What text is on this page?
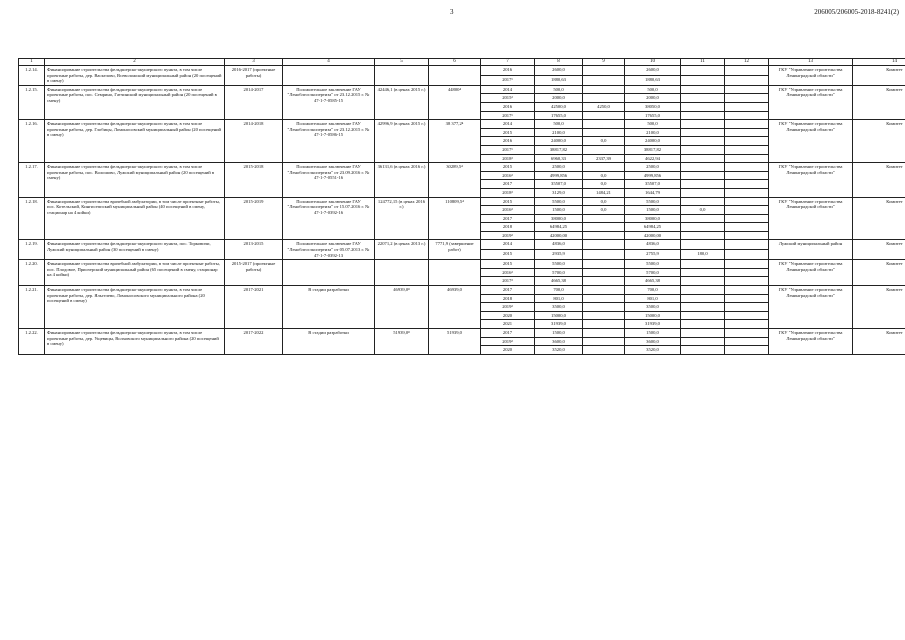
3	206005/206005-2018-8241(2)
1	2	3	4	5	6	7	8	9	10	11	12	13	14
1.2.14.	Финансирование строительства фельдшерско-акушерского пункта, в том числе проектные работы, дер. Васкелово, Всеволожский муниципальный район (20 посещений в смену)	2016-2017 (проектные работы)				2016	2600,0		2600,0			ГКУ "Управление строительства Ленинградской области"	Комитет
						2017¹	1880,63		1880,63				
1.2.15.	Финансирование строительства фельдшерско-акушерского пункта, в том числе проектные работы, пос. Семрино, Гатчинский муниципальный район (20 посещений в смену)	2014-2017	Положительное заключение ГАУ "Леноблгосэкспертиза" от 23.12.2015 г. № 47-1-7-0585-15	42446,1 (в ценах 2015 г.)	44800⁴	2014	500,0		500,0			ГКУ "Управление строительства Ленинградской области"	Комитет
						2015²	2000,0		2000,0				
						2016	42500,0	4250,0	38050,0				
						2017¹	17655,0		17655,0				
1.2.16.	Финансирование строительства фельдшерско-акушерского пункта, в том числе проектные работы, дер. Глобицы, Ломоносовский муниципальный район (20 посещений в смену)	2014-2018	Положительное заключение ГАУ "Леноблгосэкспертиза" от 23.12.2015 г. № 47-1-7-0586-15	42996,9 (в ценах 2015 г.)	38 377,2⁴	2014	500,0		500,0			ГКУ "Управление строительства Ленинградской области"	Комитет
						2015	2100,0		2100,0				
						2016	24000,0	0,0	24000,0				
						2017¹	38817,82		38817,82				
						2018²	6960,33	2337,39	4622,94				
1.2.17.	Финансирование строительства фельдшерско-акушерского пункта, в том числе проектные работы, пос. Волошово, Лужский муниципальный район (20 посещений в смену)	2015-2018	Положительное заключение ГАУ "Леноблгосэкспертиза" от 23.09.2016 г. № 47-1-7-0551-16	36131,6 (в ценах 2016 г.)	30289,5⁴	2015	2500,0		2500,0			ГКУ "Управление строительства Ленинградской области"	Комитет
						2016²	4999,856	0,0	4999,856				
						2017	35507,0	0,0	35507,0				
						2018²	3129,0	1484,21	1644,79				
1.2.18.	Финансирование строительства врачебной амбулатории, в том числе проектные работы, пос. Котельский, Кингисеппский муниципальный район (40 посещений в смену, стационар на 4 койки)	2015-2019	Положительное заключение ГАУ "Леноблгосэкспертиза" от 15.07.2016 г. № 47-1-7-0392-16	124772,15 (в ценах 2016 г.)	110809,5⁴	2015	5500,0	0,0	5500,0			ГКУ "Управление строительства Ленинградской области"	Комитет
						2016²	1500,0	0,0	1500,0	0,0			
						2017	38000,0		38000,0				
						2018	64984,25		64984,25				
						2019²	42000,00		42000,00				
1.2.19.	Финансирование строительства фельдшерско-акушерского пункта, пос. Торковичи, Лужский муниципальный район (30 посещений в смену)	2013-2015	Положительное заключение ГАУ "Леноблгосэкспертиза" от 05.07.2013 г. № 47-1-7-0392-13	22071,2 (в ценах 2013 г.)	7771,9 (завершение работ)	2014	4836,0		4836,0			Лужский муниципальный район	Комитет
						2015	2935,9		2755,9	180,0			
1.2.20.	Финансирование строительства врачебной амбулатории, в том числе проектные работы, пос. Плодовое, Приозерский муниципальный район (65 посещений в смену, стационар на 4 койки)	2015-2017 (проектные работы)				2015	5500,0		5500,0			ГКУ "Управление строительства Ленинградской области"	Комитет
						2016²	5700,0		5700,0				
						2017²	4665,38		4665,38				
1.2.21.	Финансирование строительства фельдшерско-акушерского пункта, в том числе проектные работы, дер. Яльгелево, Ломоносовского муниципального района (20 посещений в смену)	2017-2021	В стадии разработки	46939,0⁸	46939,0	2017	700,0		700,0			ГКУ "Управление строительства Ленинградской области"	Комитет
						2018	801,0		801,0				
						2019²	3500,0		3500,0				
						2020	15000,0		15000,0				
						2021	31939,0		31939,0				
1.2.22.	Финансирование строительства фельдшерско-акушерского пункта, в том числе проектные работы, дер. Ущевицы, Волховского муниципального района (20 посещений в смену)	2017-2022	В стадии разработки	51939,0⁸	51939,0	2017	1500,0		1500,0			ГКУ "Управление строительства Ленинградской области"	Комитет
						2019²	3600,0		3600,0				
						2020	3520,0		3520,0				
